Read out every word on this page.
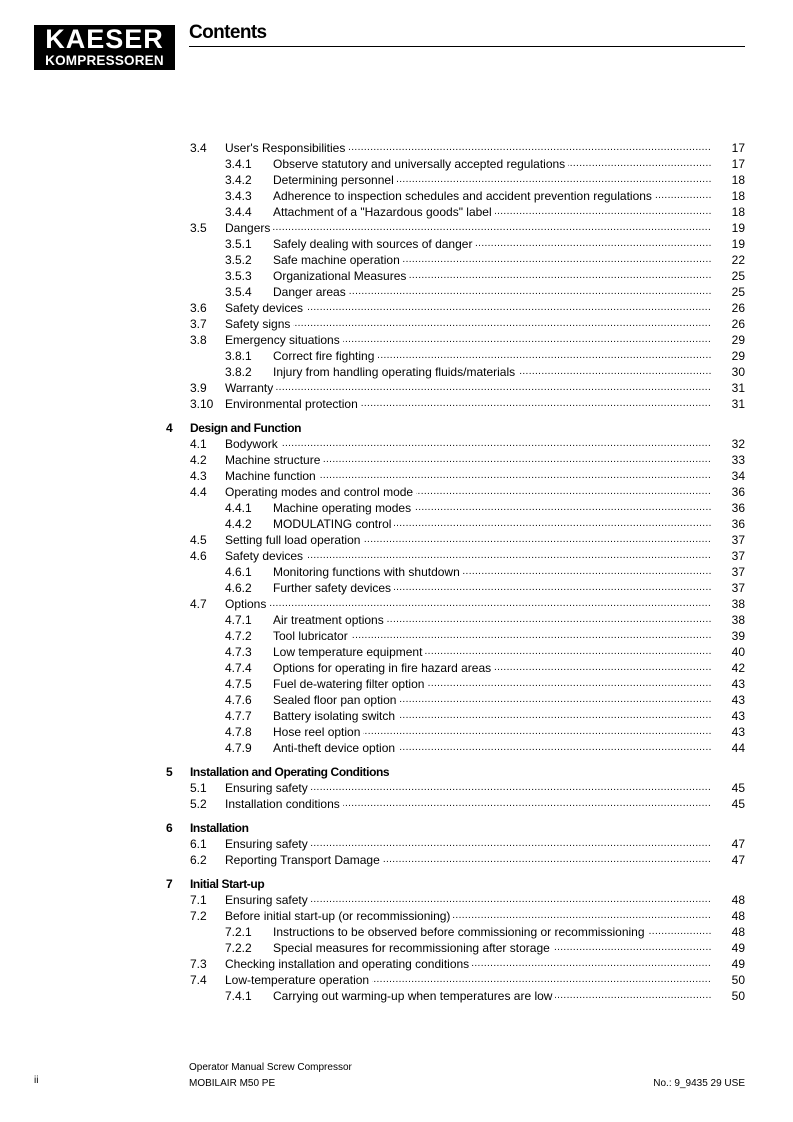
KAESER
KOMPRESSOREN
Contents
3.4 User's Responsibilities . . .	17
3.4.1 Observe statutory and universally accepted regulations . . .	17
3.4.2 Determining personnel . . .	18
3.4.3 Adherence to inspection schedules and accident prevention regulations . . .	18
3.4.4 Attachment of a "Hazardous goods" label . . .	18
3.5 Dangers . . .	19
3.5.1 Safely dealing with sources of danger . . .	19
3.5.2 Safe machine operation . . .	22
3.5.3 Organizational Measures . . .	25
3.5.4 Danger areas . . .	25
3.6 Safety devices . . .	26
3.7 Safety signs . . .	26
3.8 Emergency situations . . .	29
3.8.1 Correct fire fighting . . .	29
3.8.2 Injury from handling operating fluids/materials . . .	30
3.9 Warranty . . .	31
3.10 Environmental protection . . .	31
4 Design and Function
4.1 Bodywork . . .	32
4.2 Machine structure . . .	33
4.3 Machine function . . .	34
4.4 Operating modes and control mode . . .	36
4.4.1 Machine operating modes . . .	36
4.4.2 MODULATING control . . .	36
4.5 Setting full load operation . . .	37
4.6 Safety devices . . .	37
4.6.1 Monitoring functions with shutdown . . .	37
4.6.2 Further safety devices . . .	37
4.7 Options . . .	38
4.7.1 Air treatment options . . .	38
4.7.2 Tool lubricator . . .	39
4.7.3 Low temperature equipment . . .	40
4.7.4 Options for operating in fire hazard areas . . .	42
4.7.5 Fuel de-watering filter option . . .	43
4.7.6 Sealed floor pan option . . .	43
4.7.7 Battery isolating switch . . .	43
4.7.8 Hose reel option . . .	43
4.7.9 Anti-theft device option . . .	44
5 Installation and Operating Conditions
5.1 Ensuring safety . . .	45
5.2 Installation conditions . . .	45
6 Installation
6.1 Ensuring safety . . .	47
6.2 Reporting Transport Damage . . .	47
7 Initial Start-up
7.1 Ensuring safety . . .	48
7.2 Before initial start-up (or recommissioning) . . .	48
7.2.1 Instructions to be observed before commissioning or recommissioning . . .	48
7.2.2 Special measures for recommissioning after storage . . .	49
7.3 Checking installation and operating conditions . . .	49
7.4 Low-temperature operation . . .	50
7.4.1 Carrying out warming-up when temperatures are low . . .	50
ii
Operator Manual Screw Compressor
MOBILAIR M50 PE	No.: 9_9435 29 USE
